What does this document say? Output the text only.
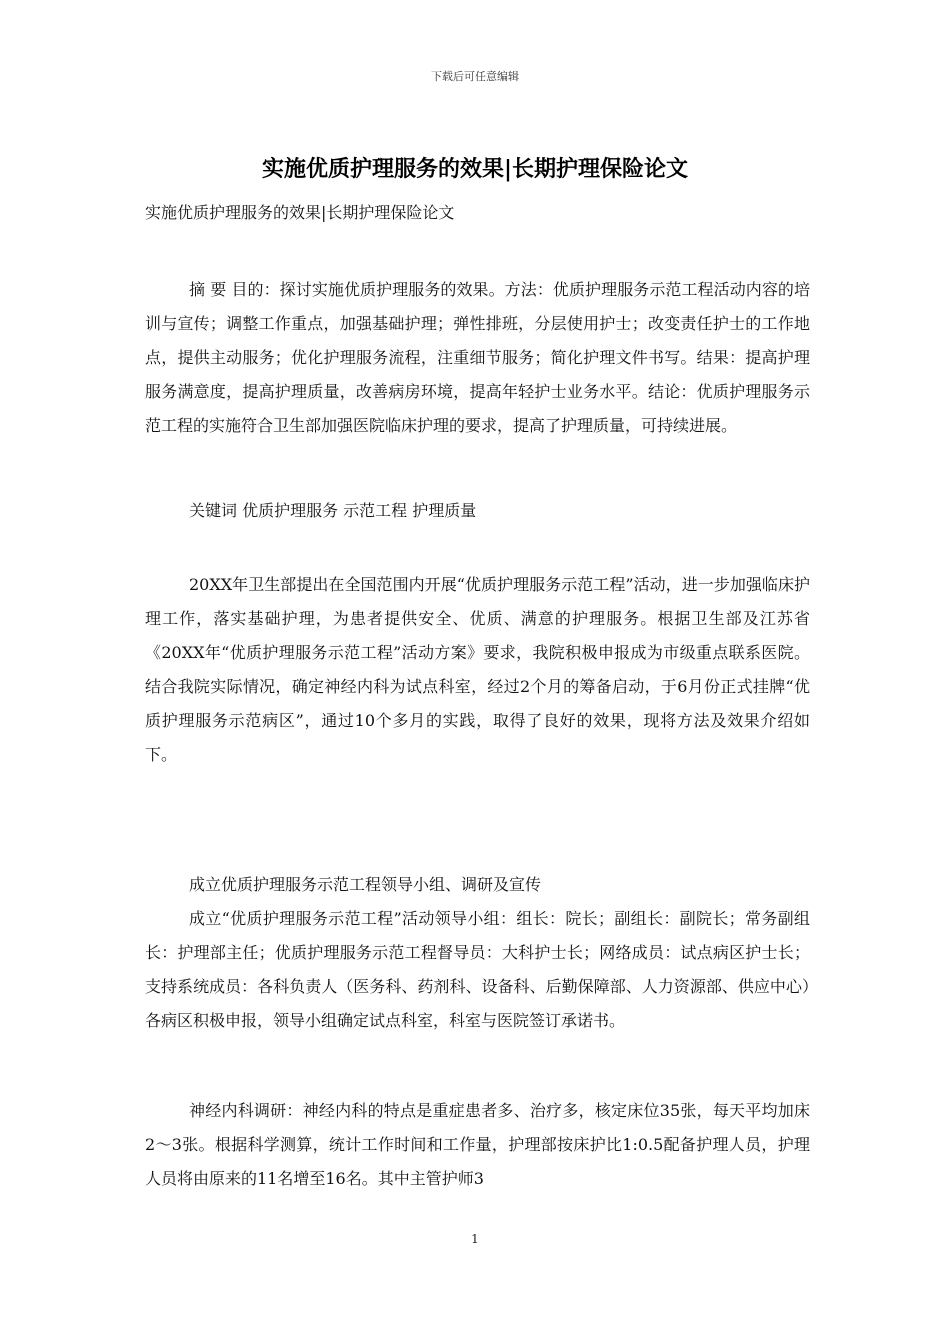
下载后可任意编辑
实施优质护理服务的效果|长期护理保险论文
实施优质护理服务的效果|长期护理保险论文

摘 要 目的：探讨实施优质护理服务的效果。方法：优质护理服务示范工程活动内容的培训与宣传；调整工作重点，加强基础护理；弹性排班，分层使用护士；改变责任护士的工作地点，提供主动服务；优化护理服务流程，注重细节服务；简化护理文件书写。结果：提高护理服务满意度，提高护理质量，改善病房环境，提高年轻护士业务水平。结论：优质护理服务示范工程的实施符合卫生部加强医院临床护理的要求，提高了护理质量，可持续进展。

关键词 优质护理服务 示范工程 护理质量

20XX年卫生部提出在全国范围内开展“优质护理服务示范工程”活动，进一步加强临床护理工作，落实基础护理，为患者提供安全、优质、满意的护理服务。根据卫生部及江苏省《20XX年“优质护理服务示范工程”活动方案》要求，我院积极申报成为市级重点联系医院。结合我院实际情况，确定神经内科为试点科室，经过2个月的筹备启动，于6月份正式挂牌“优质护理服务示范病区”，通过10个多月的实践，取得了良好的效果，现将方法及效果介绍如下。

成立优质护理服务示范工程领导小组、调研及宣传

成立“优质护理服务示范工程”活动领导小组：组长：院长；副组长：副院长；常务副组长：护理部主任；优质护理服务示范工程督导员：大科护士长；网络成员：试点病区护士长；支持系统成员：各科负责人（医务科、药剂科、设备科、后勤保障部、人力资源部、供应中心）各病区积极申报，领导小组确定试点科室，科室与医院签订承诺书。

神经内科调研：神经内科的特点是重症患者多、治疗多，核定床位35张，每天平均加床2～3张。根据科学测算，统计工作时间和工作量，护理部按床护比1:0.5配备护理人员，护理人员将由原来的11名增至16名。其中主管护师3

1
